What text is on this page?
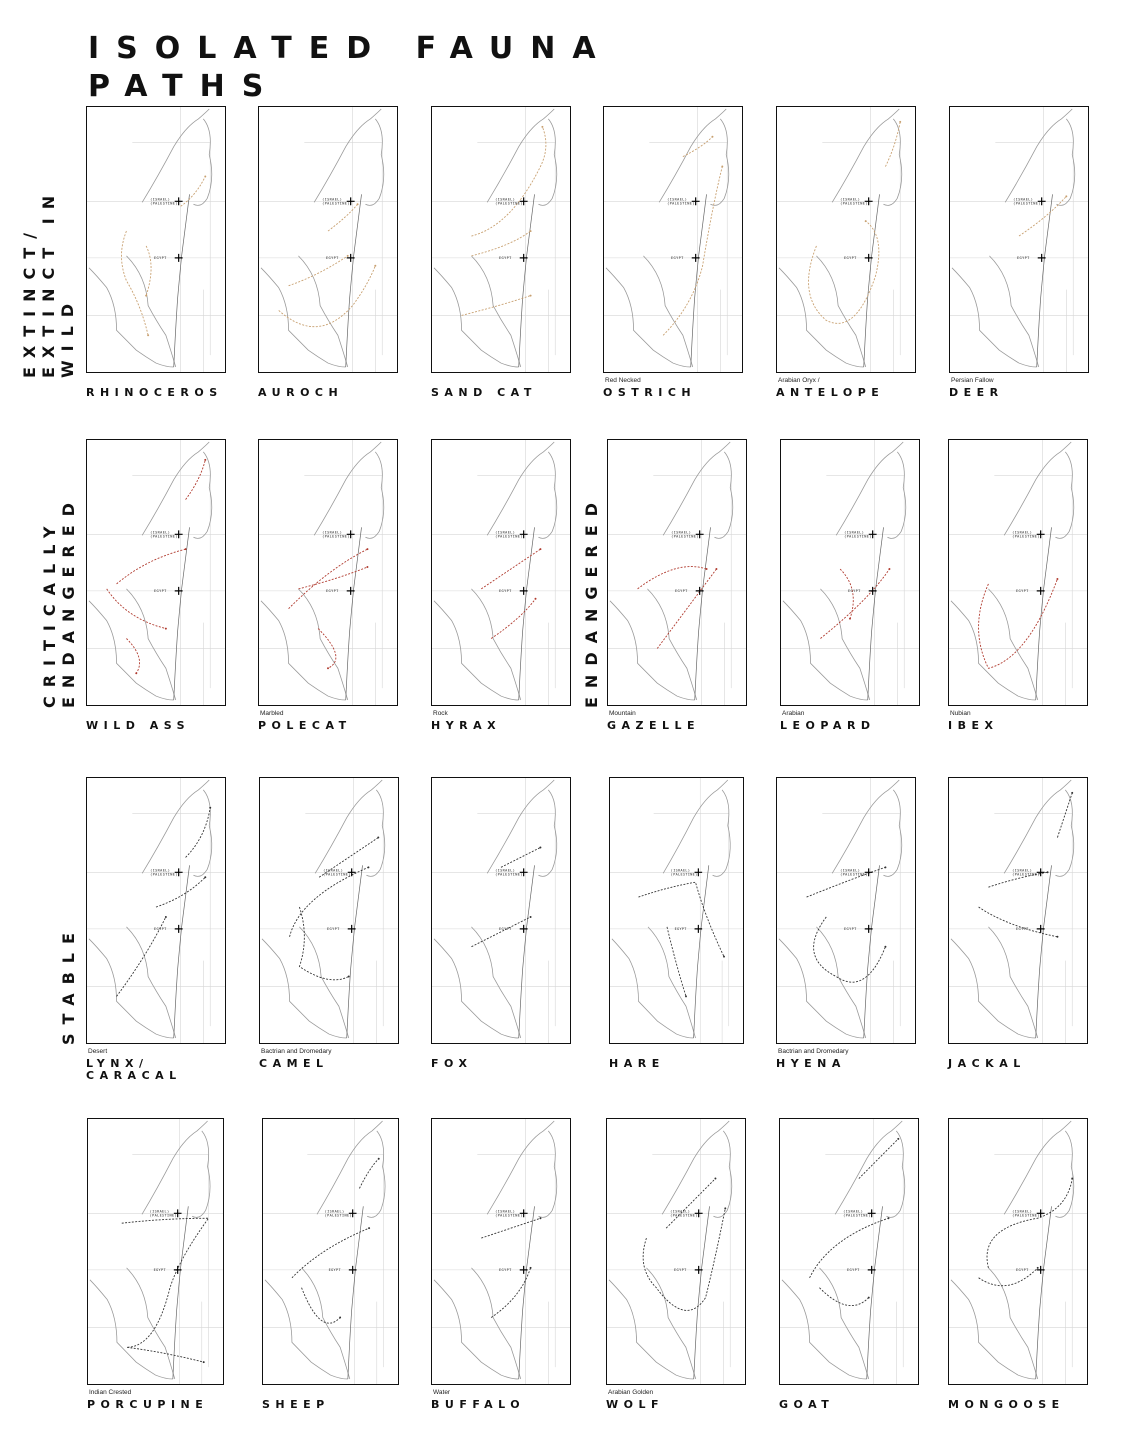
ISOLATED FAUNA
PATHS
EXTINCT/ EXTINCT IN WILD
CRITICALLY ENDANGERED	ENDANGERED
STABLE
(ISRAEL)
(PALESTINE)
EGYPT
RHINOCEROS
(ISRAEL)
(PALESTINE)
EGYPT
AUROCH
(ISRAEL)
(PALESTINE)
EGYPT
SAND CAT
(ISRAEL)
(PALESTINE)
EGYPT
Red Necked
OSTRICH
(ISRAEL)
(PALESTINE)
EGYPT
Arabian Oryx /
ANTELOPE
(ISRAEL)
(PALESTINE)
EGYPT
Persian Fallow
DEER
(ISRAEL)
(PALESTINE)
EGYPT
WILD ASS
(ISRAEL)
(PALESTINE)
EGYPT
Marbled
POLECAT
(ISRAEL)
(PALESTINE)
EGYPT
Rock
HYRAX
(ISRAEL)
(PALESTINE)
EGYPT
Mountain
GAZELLE
(ISRAEL)
(PALESTINE)
EGYPT
Arabian
LEOPARD
(ISRAEL)
(PALESTINE)
EGYPT
Nubian
IBEX
(ISRAEL)
(PALESTINE)
EGYPT
Desert
LYNX/
CARACAL
(ISRAEL)
(PALESTINE)
EGYPT
Bactrian and Dromedary
CAMEL
(ISRAEL)
(PALESTINE)
EGYPT
FOX
(ISRAEL)
(PALESTINE)
EGYPT
HARE
(ISRAEL)
(PALESTINE)
EGYPT
Bactrian and Dromedary
HYENA
(ISRAEL)
(PALESTINE)
EGYPT
JACKAL
(ISRAEL)
(PALESTINE)
EGYPT
Indian Crested
PORCUPINE
(ISRAEL)
(PALESTINE)
EGYPT
SHEEP
(ISRAEL)
(PALESTINE)
EGYPT
Water
BUFFALO
(ISRAEL)
(PALESTINE)
EGYPT
Arabian Golden
WOLF
(ISRAEL)
(PALESTINE)
EGYPT
GOAT
(ISRAEL)
(PALESTINE)
EGYPT
MONGOOSE
